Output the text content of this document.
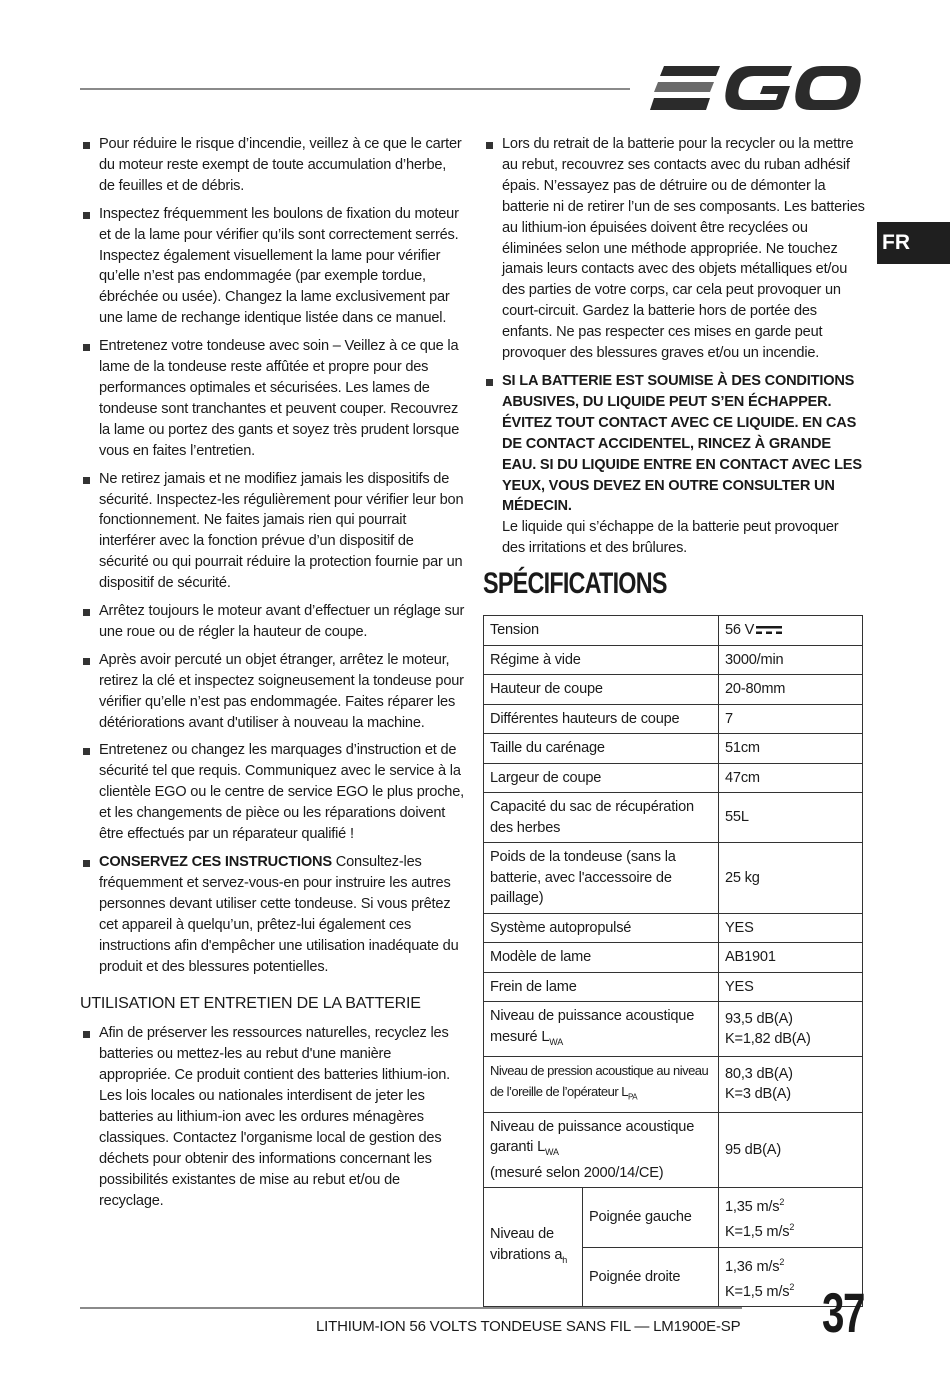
FR
Pour réduire le risque d’incendie, veillez à ce que le carter du moteur reste exempt de toute accumulation d’herbe, de feuilles et de débris.
Inspectez fréquemment les boulons de fixation du moteur et de la lame pour vérifier qu’ils sont correctement serrés. Inspectez également visuellement la lame pour vérifier qu’elle n’est pas endommagée (par exemple tordue, ébréchée ou usée). Changez la lame exclusivement par une lame de rechange identique listée dans ce manuel.
Entretenez votre tondeuse avec soin – Veillez à ce que la lame de la tondeuse reste affûtée et propre pour des performances optimales et sécurisées. Les lames de tondeuse sont tranchantes et peuvent couper. Recouvrez la lame ou portez des gants et soyez très prudent lorsque vous en faites l’entretien.
Ne retirez jamais et ne modifiez jamais les dispositifs de sécurité. Inspectez-les régulièrement pour vérifier leur bon fonctionnement. Ne faites jamais rien qui pourrait interférer avec la fonction prévue d’un dispositif de sécurité ou qui pourrait réduire la protection fournie par un dispositif de sécurité.
Arrêtez toujours le moteur avant d’effectuer un réglage sur une roue ou de régler la hauteur de coupe.
Après avoir percuté un objet étranger, arrêtez le moteur, retirez la clé et inspectez soigneusement la tondeuse pour vérifier qu’elle n’est pas endommagée. Faites réparer les détériorations avant d'utiliser à nouveau la machine.
Entretenez ou changez les marquages d’instruction et de sécurité tel que requis. Communiquez avec le service à la clientèle EGO ou le centre de service EGO le plus proche, et les changements de pièce ou les réparations doivent être effectués par un réparateur qualifié !
CONSERVEZ CES INSTRUCTIONS Consultez-les fréquemment et servez-vous-en pour instruire les autres personnes devant utiliser cette tondeuse. Si vous prêtez cet appareil à quelqu’un, prêtez-lui également ces instructions afin d'empêcher une utilisation inadéquate du produit et des blessures potentielles.
UTILISATION ET ENTRETIEN DE LA BATTERIE
Afin de préserver les ressources naturelles, recyclez les batteries ou mettez-les au rebut d'une manière appropriée. Ce produit contient des batteries lithium-ion. Les lois locales ou nationales interdisent de jeter les batteries au lithium-ion avec les ordures ménagères classiques. Contactez l'organisme local de gestion des déchets pour obtenir des informations concernant les possibilités existantes de mise au rebut et/ou de recyclage.
Lors du retrait de la batterie pour la recycler ou la mettre au rebut, recouvrez ses contacts avec du ruban adhésif épais. N’essayez pas de détruire ou de démonter la batterie ni de retirer l’un de ses composants. Les batteries au lithium-ion épuisées doivent être recyclées ou éliminées selon une méthode appropriée. Ne touchez jamais leurs contacts avec des objets métalliques et/ou des parties de votre corps, car cela peut provoquer un court-circuit. Gardez la batterie hors de portée des enfants. Ne pas respecter ces mises en garde peut provoquer des blessures graves et/ou un incendie.
SI LA BATTERIE EST SOUMISE À DES CONDITIONS ABUSIVES, DU LIQUIDE PEUT S’EN ÉCHAPPER. ÉVITEZ TOUT CONTACT AVEC CE LIQUIDE. EN CAS DE CONTACT ACCIDENTEL, RINCEZ À GRANDE EAU. SI DU LIQUIDE ENTRE EN CONTACT AVEC LES YEUX, VOUS DEVEZ EN OUTRE CONSULTER UN MÉDECIN.
Le liquide qui s’échappe de la batterie peut provoquer des irritations et des brûlures.
SPÉCIFICATIONS
Tension		56 V
Régime à vide		3000/min
Hauteur de coupe		20-80mm
Différentes hauteurs de coupe		7
Taille du carénage		51cm
Largeur de coupe		47cm
Capacité du sac de récupération des herbes		55L
Poids de la tondeuse (sans la batterie, avec l'accessoire de paillage)		25 kg
Système autopropulsé		YES
Modèle de lame		AB1901
Frein de lame		YES
Niveau de puissance acoustique mesuré $L_{WA}$		93,5 dB(A)
K=1,82 dB(A)
Niveau de pression acoustique au niveau de l’oreille de l’opérateur $L_{PA}$		80,3 dB(A)
K=3 dB(A)
Niveau de puissance acoustique garanti $L_{WA}$
(mesuré selon 2000/14/CE)		95 dB(A)
Niveau de vibrations $a_h$	Poignée gauche	1,35 $m/s^2$
K=1,5 $m/s^2$
	Poignée droite	1,36 $m/s^2$
K=1,5 $m/s^2$
LITHIUM-ION 56 VOLTS TONDEUSE SANS FIL — LM1900E-SP 37
